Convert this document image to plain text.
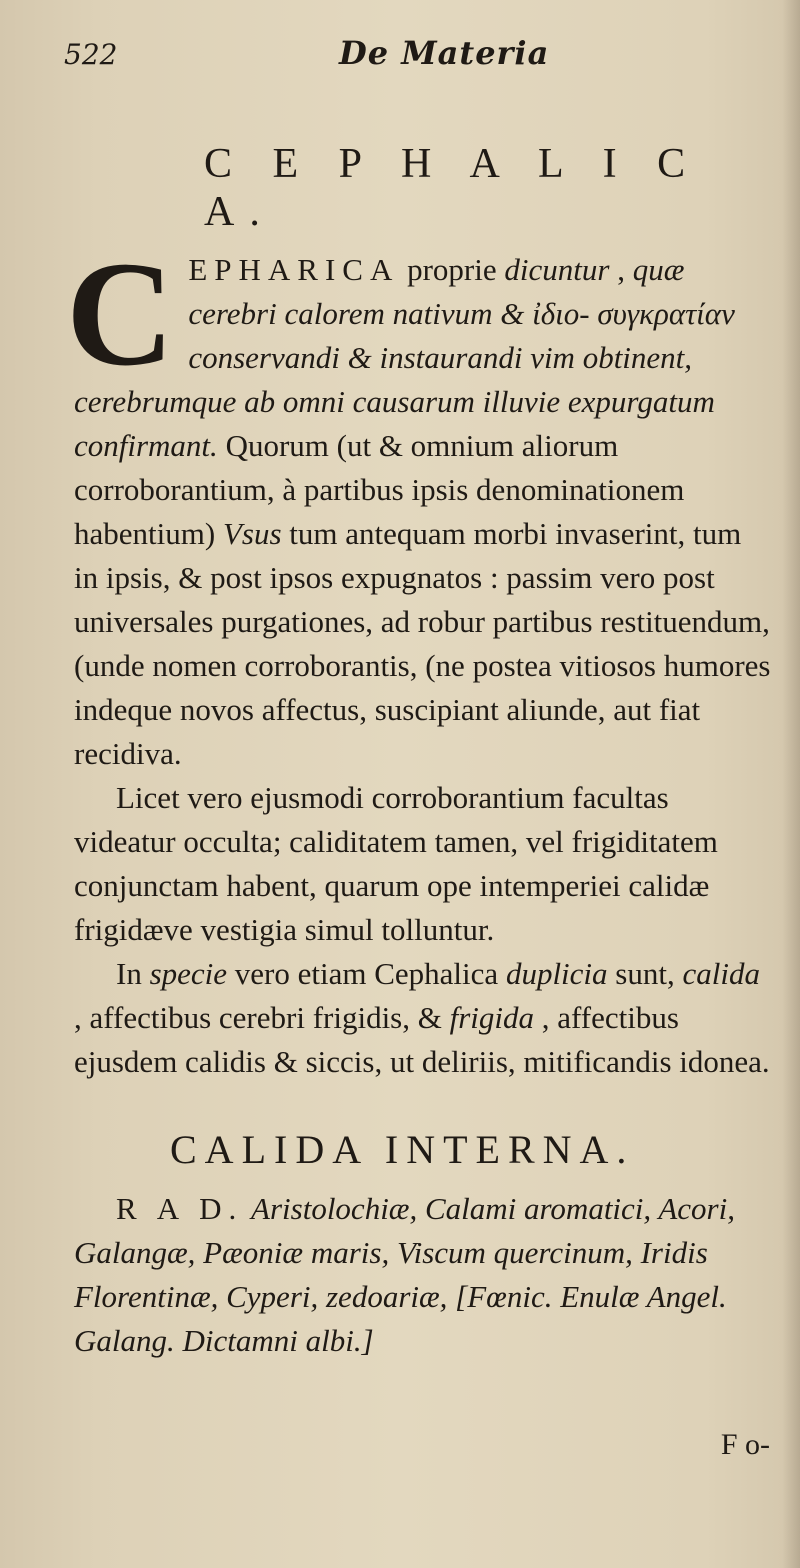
522	De Materia
C E P H A L I C A.

C EPHARICA proprie dicuntur , quæ cerebri calorem nativum & ἰδιο- συγκρατίαν conservandi & instaurandi vim obtinent, cerebrumque ab omni causarum illuvie expurgatum confirmant. Quorum (ut & omnium aliorum corroborantium, à partibus ipsis denominationem habentium) Vsus tum antequam morbi invaserint, tum in ipsis, & post ipsos expugnatos : passim vero post universales purgationes, ad robur partibus restituendum, (unde nomen corroborantis, (ne postea vitiosos humores indeque novos affectus, suscipiant aliunde, aut fiat recidiva.

Licet vero ejusmodi corroborantium facultas videatur occulta; caliditatem tamen, vel frigiditatem conjunctam habent, quarum ope intemperiei calidæ frigidæve vestigia simul tolluntur.

In specie vero etiam Cephalica duplicia sunt, calida , affectibus cerebri frigidis, & frigida , affectibus ejusdem calidis & siccis, ut deliriis, mitificandis idonea.

CALIDA INTERNA.

R A D. Aristolochiæ, Calami aromatici, Acori, Galangæ, Pæoniæ maris, Viscum quercinum, Iridis Florentinæ, Cyperi, zedoariæ, [Fœnic. Enulæ Angel. Galang. Dictamni albi.]

F o-
